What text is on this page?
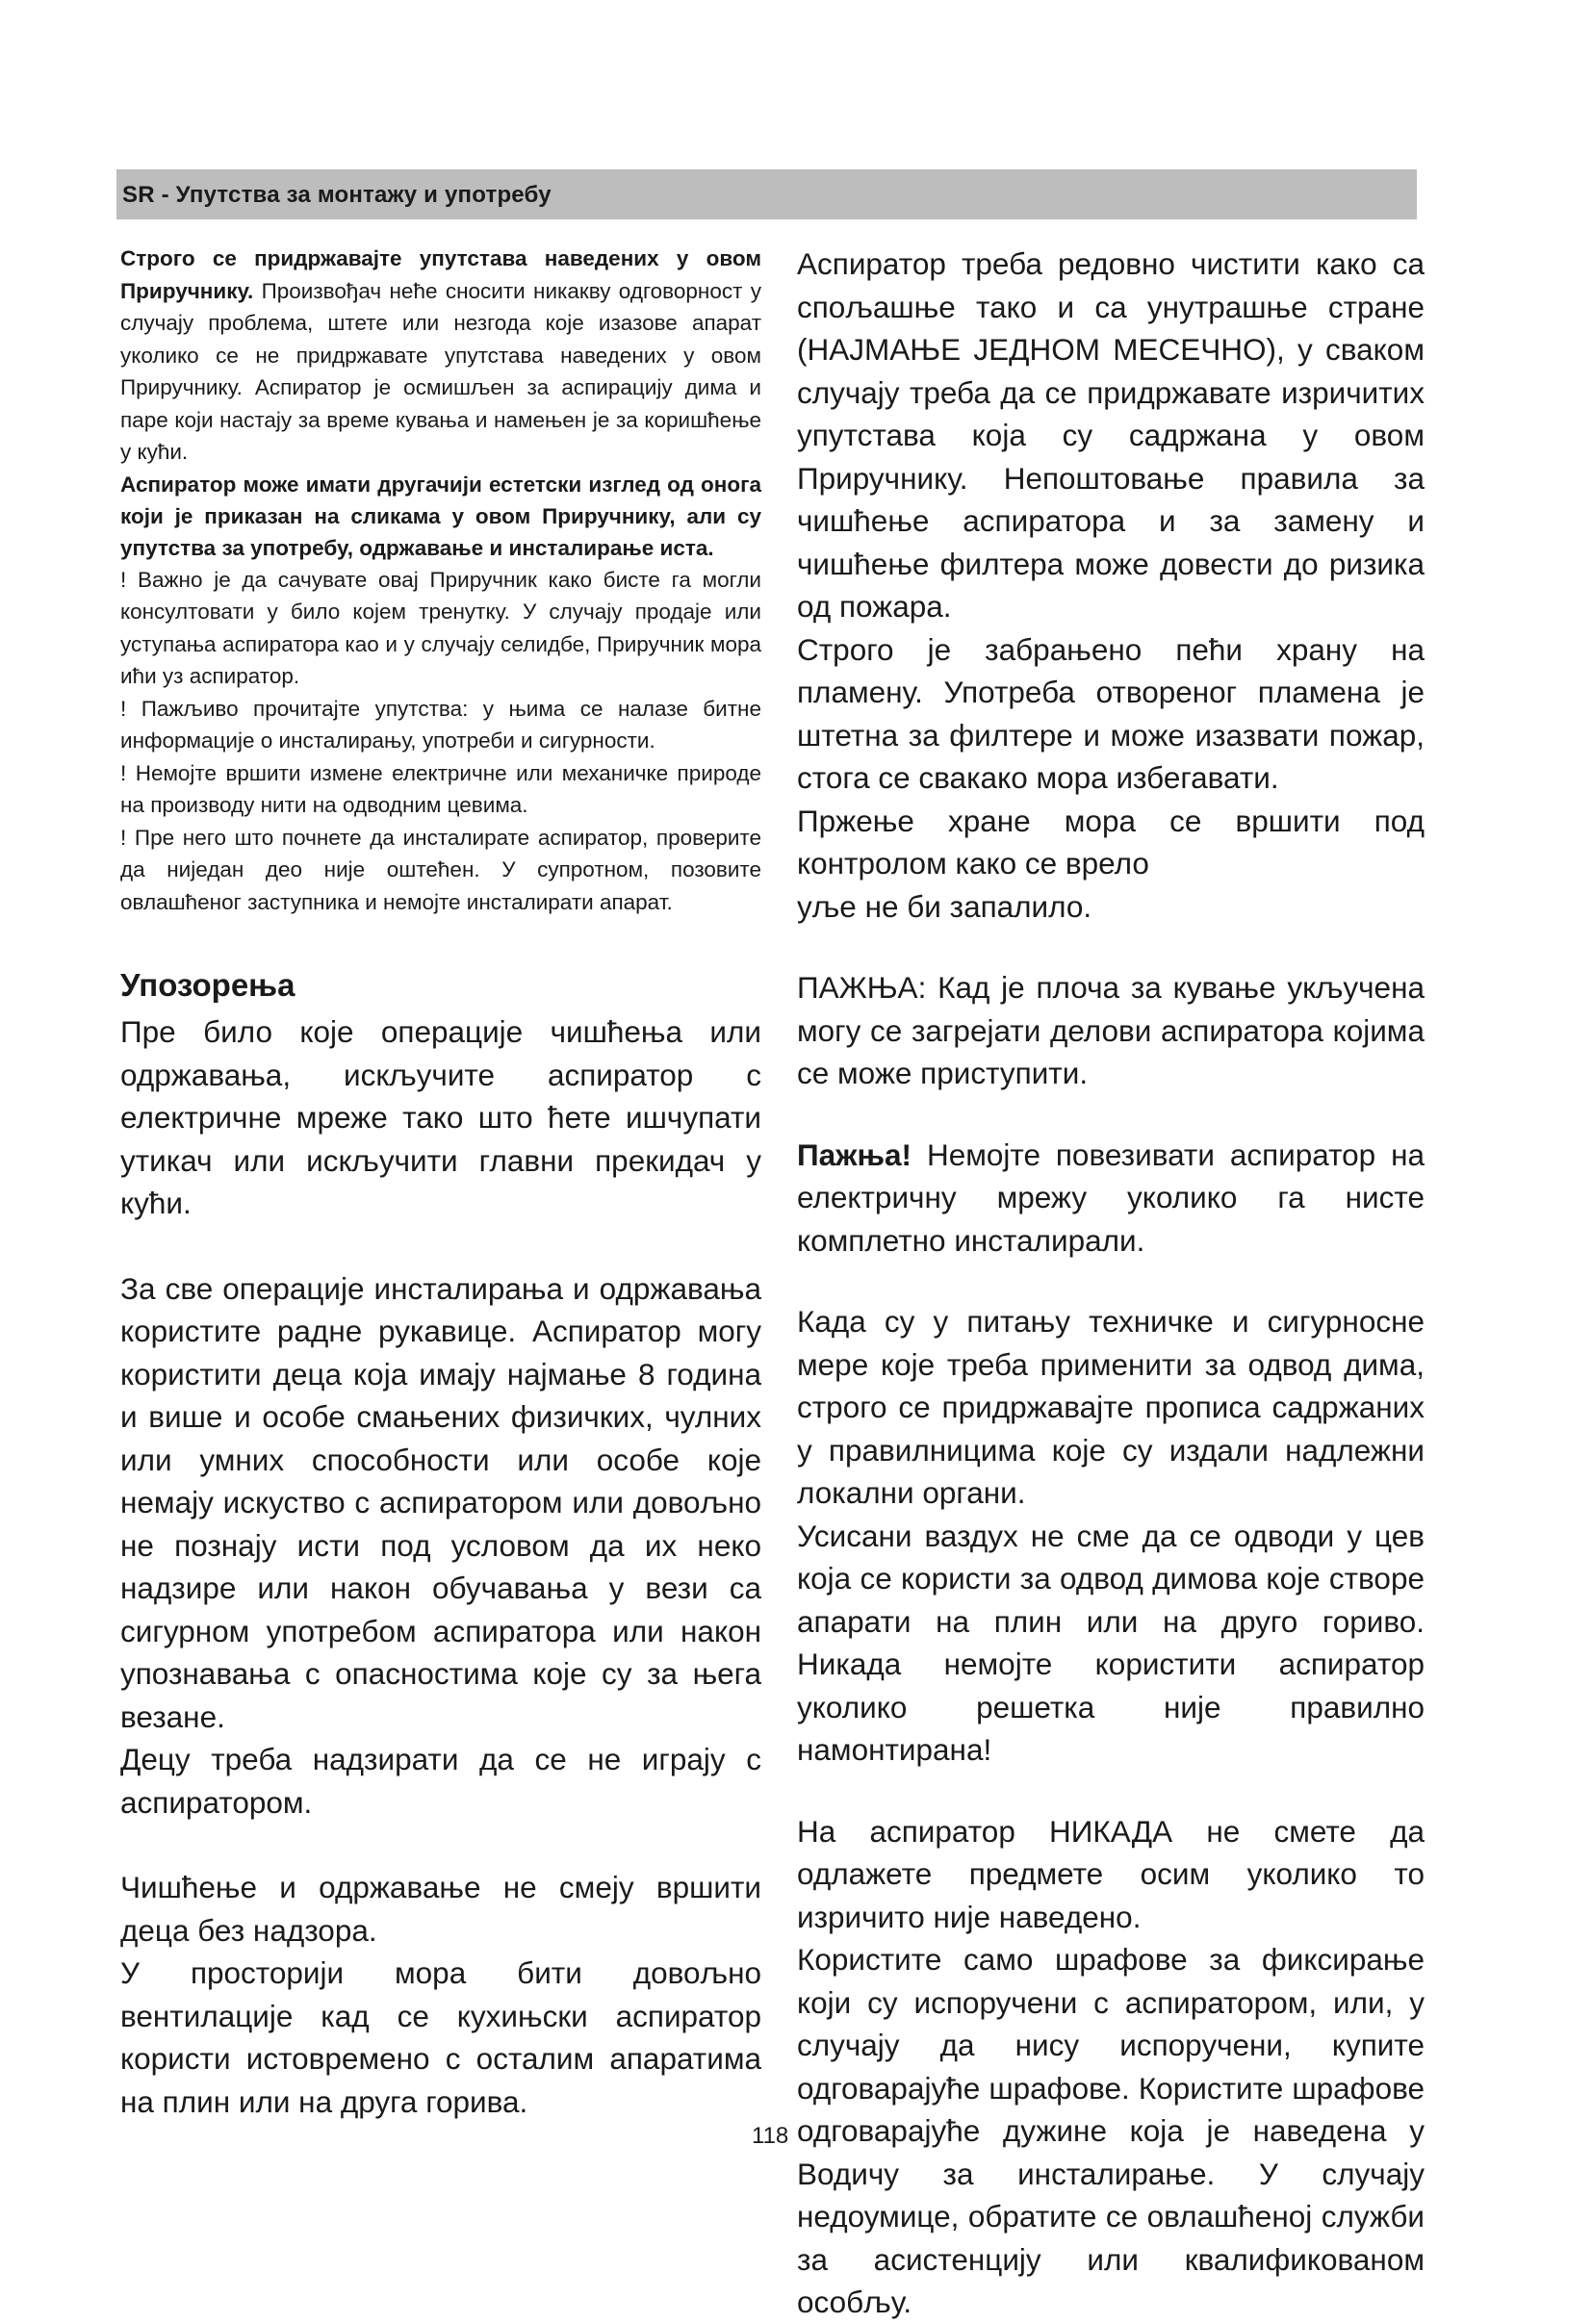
SR - Упутства за монтажу и употребу

Строго се придржавајте упутстава наведених у овом Приручнику. Произвођач неће сносити никакву одговорност у случају проблема, штете или незгода које изазове апарат уколико се не придржавате упутстава наведених у овом Приручнику. Аспиратор је осмишљен за аспирацију дима и паре који настају за време кувања и намењен је за коришћење у кући.

Аспиратор може имати другачији естетски изглед од онога који је приказан на сликама у овом Приручнику, али су упутства за употребу, одржавање и инсталирање иста.

! Важно је да сачувате овај Приручник како бисте га могли консултовати у било којем тренутку. У случају продаје или уступања аспиратора као и у случају селидбе, Приручник мора ићи уз аспиратор.

! Пажљиво прочитајте упутства: у њима се налазе битне информације о инсталирању, употреби и сигурности.

! Немојте вршити измене електричне или механичке природе на производу нити на одводним цевима.

! Пре него што почнете да инсталирате аспиратор, проверите да ниједан део није оштећен. У супротном, позовите овлашћеног заступника и немојте инсталирати апарат.

Упозорења

Пре било које операције чишћења или одржавања, искључите аспиратор с електричне мреже тако што ћете ишчупати утикач или искључити главни прекидач у кући.

За све операције инсталирања и одржавања користите радне рукавице. Аспиратор могу користити деца која имају најмање 8 година и више и особе смањених физичких, чулних или умних способности или особе које немају искуство с аспиратором или довољно не познају исти под условом да их неко надзире или након обучавања у вези са сигурном употребом аспиратора или након упознавања с опасностима које су за њега везане.

Децу треба надзирати да се не играју с аспиратором.

Чишћење и одржавање не смеју вршити деца без надзора.

У просторији мора бити довољно вентилације кад се кухињски аспиратор користи истовремено с осталим апаратима на плин или на друга горива.

Аспиратор треба редовно чистити како са спољашње тако и са унутрашње стране (НАЈМАЊЕ ЈЕДНОМ МЕСЕЧНО), у сваком случају треба да се придржавате изричитих упутстава која су садржана у овом Приручнику. Непоштовање правила за чишћење аспиратора и за замену и чишћење филтера може довести до ризика од пожара.

Строго је забрањено пећи храну на пламену. Употреба отвореног пламена је штетна за филтере и може изазвати пожар, стога се свакако мора избегавати.

Пржење хране мора се вршити под контролом како се врело

уље не би запалило.

ПАЖЊА: Кад је плоча за кување укључена могу се загрејати делови аспиратора којима се може приступити.

Пажња! Немојте повезивати аспиратор на електричну мрежу уколико га нисте комплетно инсталирали.

Када су у питању техничке и сигурносне мере које треба применити за одвод дима, строго се придржавајте прописа садржаних у правилницима које су издали надлежни локални органи.

Усисани ваздух не сме да се одводи у цев која се користи за одвод димова које створе апарати на плин или на друго гориво. Никада немојте користити аспиратор уколико решетка није правилно намонтирана!

На аспиратор НИКАДА не смете да одлажете предмете осим уколико то изричито није наведено.

Користите само шрафове за фиксирање који су испоручени с аспиратором, или, у случају да нису испоручени, купите одговарајуће шрафове. Користите шрафове одговарајуће дужине која је наведена у Водичу за инсталирање. У случају недоумице, обратите се овлашћеној служби за асистенцију или квалификованом особљу.

118
